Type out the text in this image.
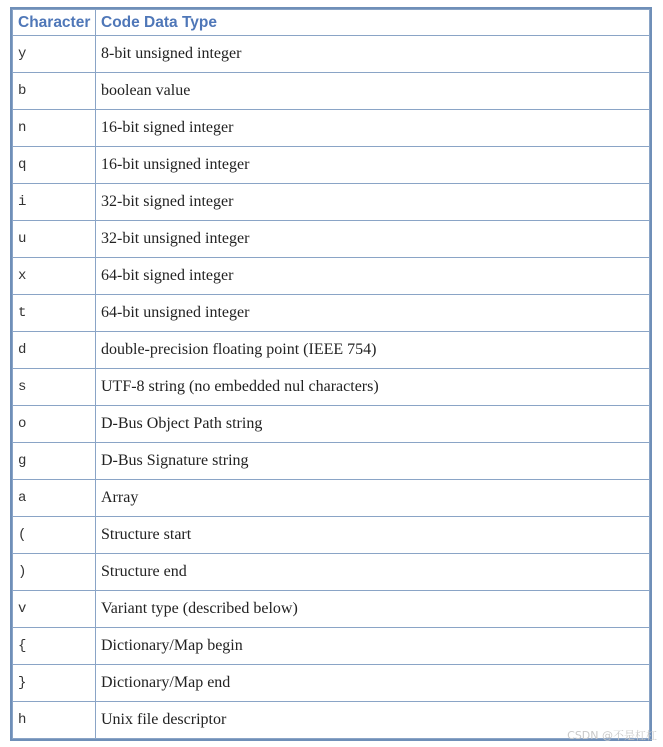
Character	Code Data Type
y	8-bit unsigned integer
b	boolean value
n	16-bit signed integer
q	16-bit unsigned integer
i	32-bit signed integer
u	32-bit unsigned integer
x	64-bit signed integer
t	64-bit unsigned integer
d	double-precision floating point (IEEE 754)
s	UTF-8 string (no embedded nul characters)
o	D-Bus Object Path string
g	D-Bus Signature string
a	Array
(	Structure start
)	Structure end
v	Variant type (described below)
{	Dictionary/Map begin
}	Dictionary/Map end
h	Unix file descriptor
CSDN @不是杠杠
